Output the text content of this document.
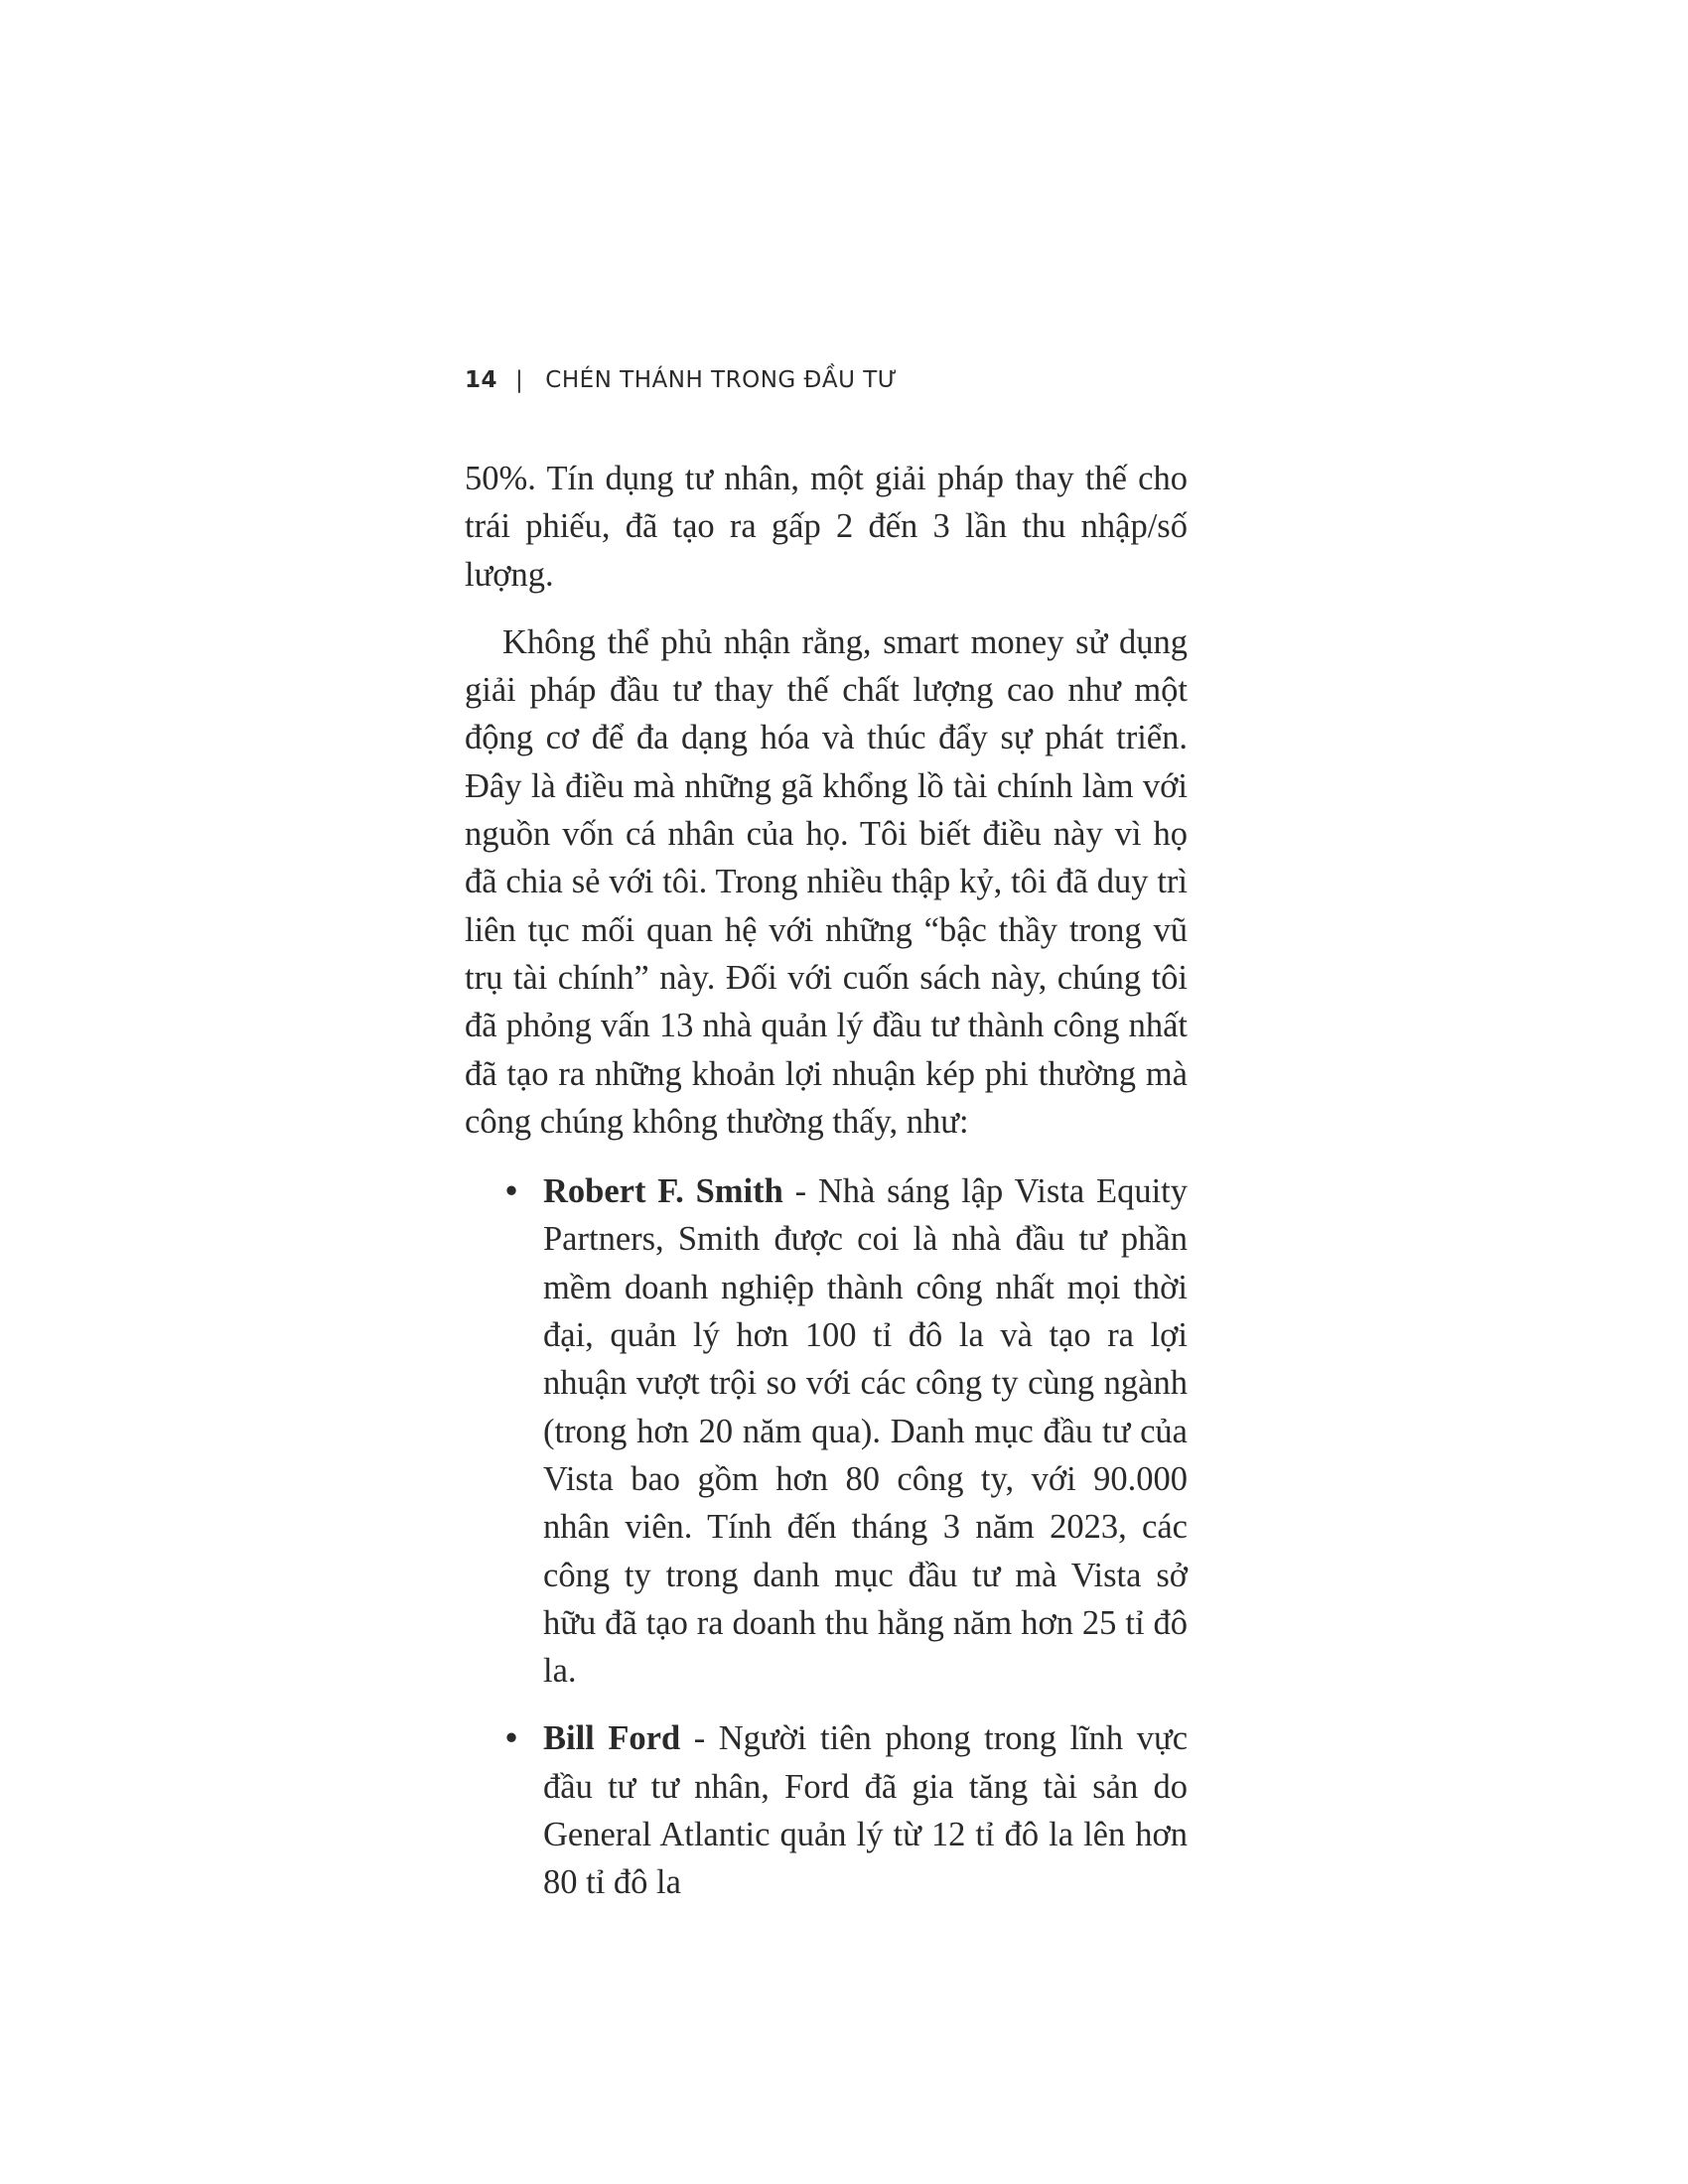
14 | CHÉN THÁNH TRONG ĐẦU TƯ

50%. Tín dụng tư nhân, một giải pháp thay thế cho trái phiếu, đã tạo ra gấp 2 đến 3 lần thu nhập/số lượng.

Không thể phủ nhận rằng, smart money sử dụng giải pháp đầu tư thay thế chất lượng cao như một động cơ để đa dạng hóa và thúc đẩy sự phát triển. Đây là điều mà những gã khổng lồ tài chính làm với nguồn vốn cá nhân của họ. Tôi biết điều này vì họ đã chia sẻ với tôi. Trong nhiều thập kỷ, tôi đã duy trì liên tục mối quan hệ với những “bậc thầy trong vũ trụ tài chính” này. Đối với cuốn sách này, chúng tôi đã phỏng vấn 13 nhà quản lý đầu tư thành công nhất đã tạo ra những khoản lợi nhuận kép phi thường mà công chúng không thường thấy, như:

• Robert F. Smith - Nhà sáng lập Vista Equity Partners, Smith được coi là nhà đầu tư phần mềm doanh nghiệp thành công nhất mọi thời đại, quản lý hơn 100 tỉ đô la và tạo ra lợi nhuận vượt trội so với các công ty cùng ngành (trong hơn 20 năm qua). Danh mục đầu tư của Vista bao gồm hơn 80 công ty, với 90.000 nhân viên. Tính đến tháng 3 năm 2023, các công ty trong danh mục đầu tư mà Vista sở hữu đã tạo ra doanh thu hằng năm hơn 25 tỉ đô la.
• Bill Ford - Người tiên phong trong lĩnh vực đầu tư tư nhân, Ford đã gia tăng tài sản do General Atlantic quản lý từ 12 tỉ đô la lên hơn 80 tỉ đô la
